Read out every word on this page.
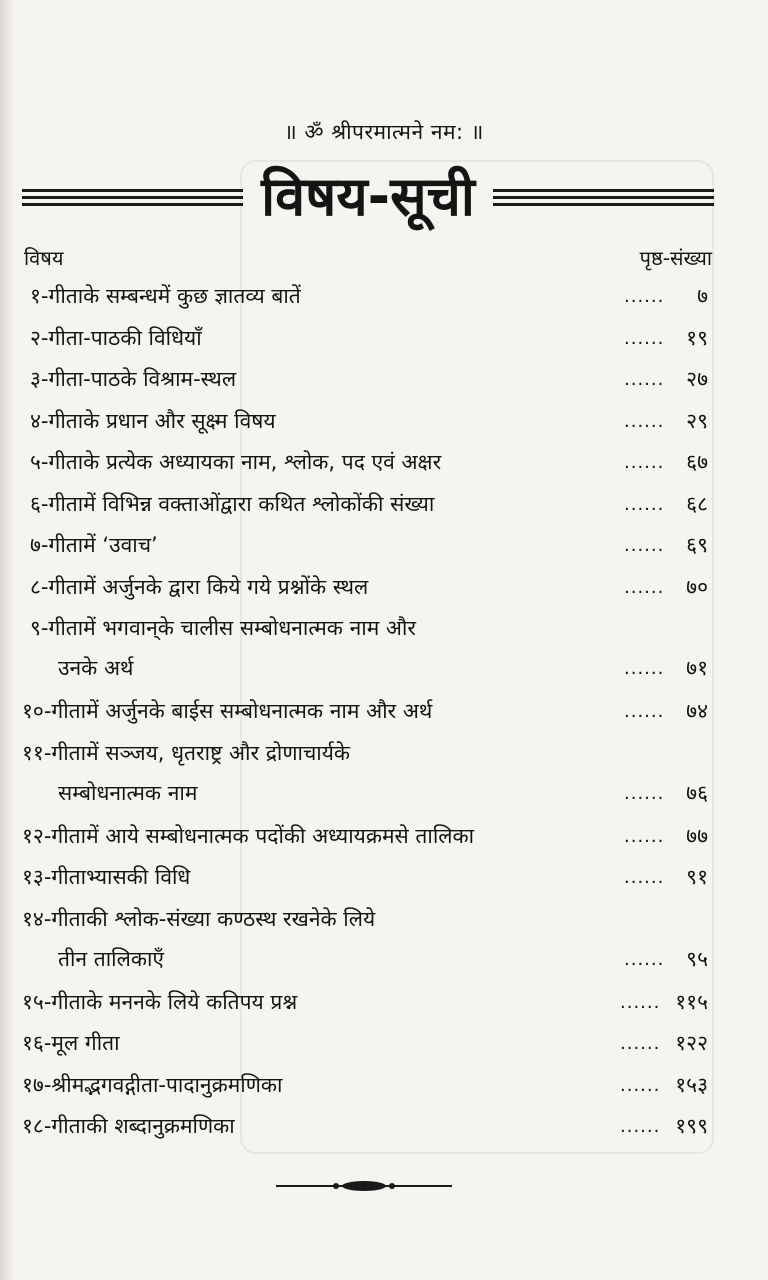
॥ ॐ श्रीपरमात्मने नम: ॥
विषय-सूची
विषय	पृष्ठ-संख्या
१-गीताके सम्बन्धमें कुछ ज्ञातव्य बातें	......	७
२-गीता-पाठकी विधियाँ	......	१९
३-गीता-पाठके विश्राम-स्थल	......	२७
४-गीताके प्रधान और सूक्ष्म विषय	......	२९
५-गीताके प्रत्येक अध्यायका नाम, श्लोक, पद एवं अक्षर	......	६७
६-गीतामें विभिन्न वक्ताओंद्वारा कथित श्लोकोंकी संख्या	......	६८
७-गीतामें ‘उवाच’	......	६९
८-गीतामें अर्जुनके द्वारा किये गये प्रश्नोंके स्थल	......	७०
९-गीतामें भगवान्‌के चालीस सम्बोधनात्मक नाम और
उनके अर्थ	......	७१
१०-गीतामें अर्जुनके बाईस सम्बोधनात्मक नाम और अर्थ	......	७४
११-गीतामें सञ्जय, धृतराष्ट्र और द्रोणाचार्यके
सम्बोधनात्मक नाम	......	७६
१२-गीतामें आये सम्बोधनात्मक पदोंकी अध्यायक्रमसे तालिका	......	७७
१३-गीताभ्यासकी विधि	......	९१
१४-गीताकी श्लोक-संख्या कण्ठस्थ रखनेके लिये
तीन तालिकाएँ	......	९५
१५-गीताके मननके लिये कतिपय प्रश्न	...... ११५
१६-मूल गीता	...... १२२
१७-श्रीमद्भगवद्गीता-पादानुक्रमणिका	...... १५३
१८-गीताकी शब्दानुक्रमणिका	...... १९९
